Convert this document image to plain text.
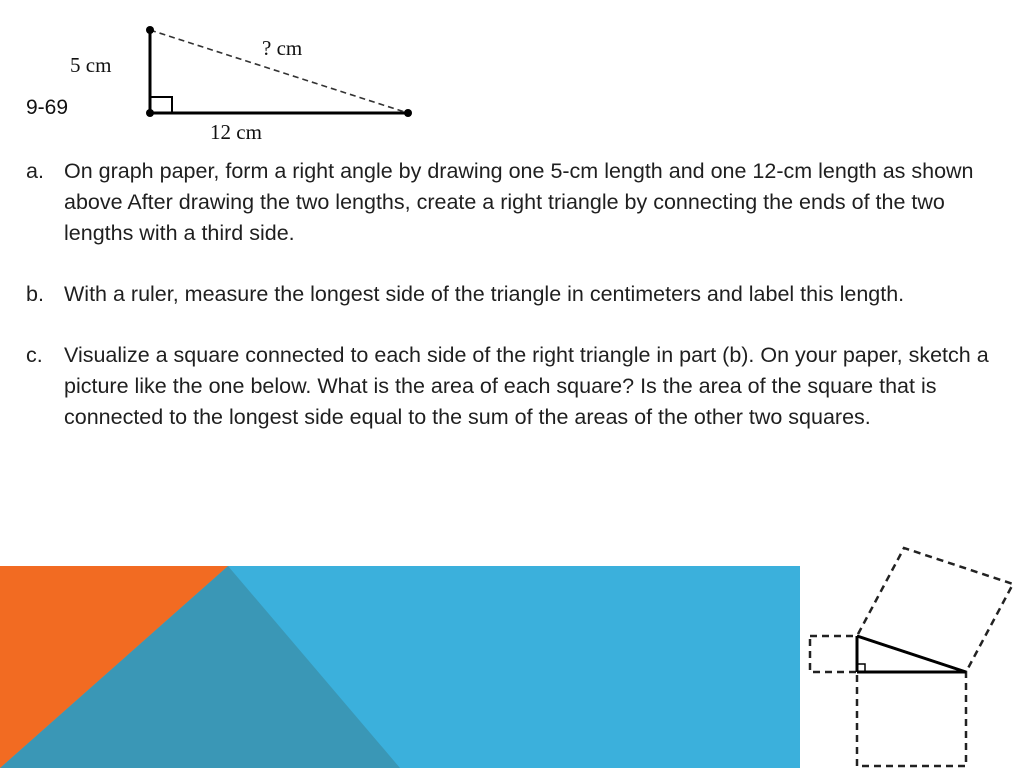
9-69
5 cm
? cm
12 cm
a. On graph paper, form a right angle by drawing one 5-cm length and one 12-cm length as shown above After drawing the two lengths, create a right triangle by connecting the ends of the two lengths with a third side.
b. With a ruler, measure the longest side of the triangle in centimeters and label this length.
c. Visualize a square connected to each side of the right triangle in part (b). On your paper, sketch a picture like the one below. What is the area of each square? Is the area of the square that is connected to the longest side equal to the sum of the areas of the other two squares.
